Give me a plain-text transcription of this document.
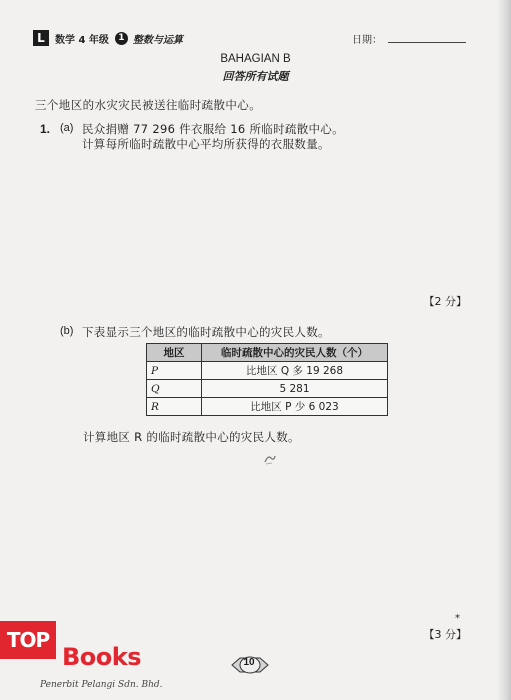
L	数学 4 年级	1 整数与运算	日期：
BAHAGIAN B
回答所有试题
三个地区的水灾灾民被送往临时疏散中心。
1. (a) 民众捐赠 77 296 件衣服给 16 所临时疏散中心。
计算每所临时疏散中心平均所获得的衣服数量。
【2 分】
(b) 下表显示三个地区的临时疏散中心的灾民人数。
地区	临时疏散中心的灾民人数（个）
P	比地区 Q 多 19 268
Q	5 281
R	比地区 P 少 6 023
计算地区 R 的临时疏散中心的灾民人数。
*
【3 分】
TOP
Books
Penerbit Pelangi Sdn. Bhd.
10
